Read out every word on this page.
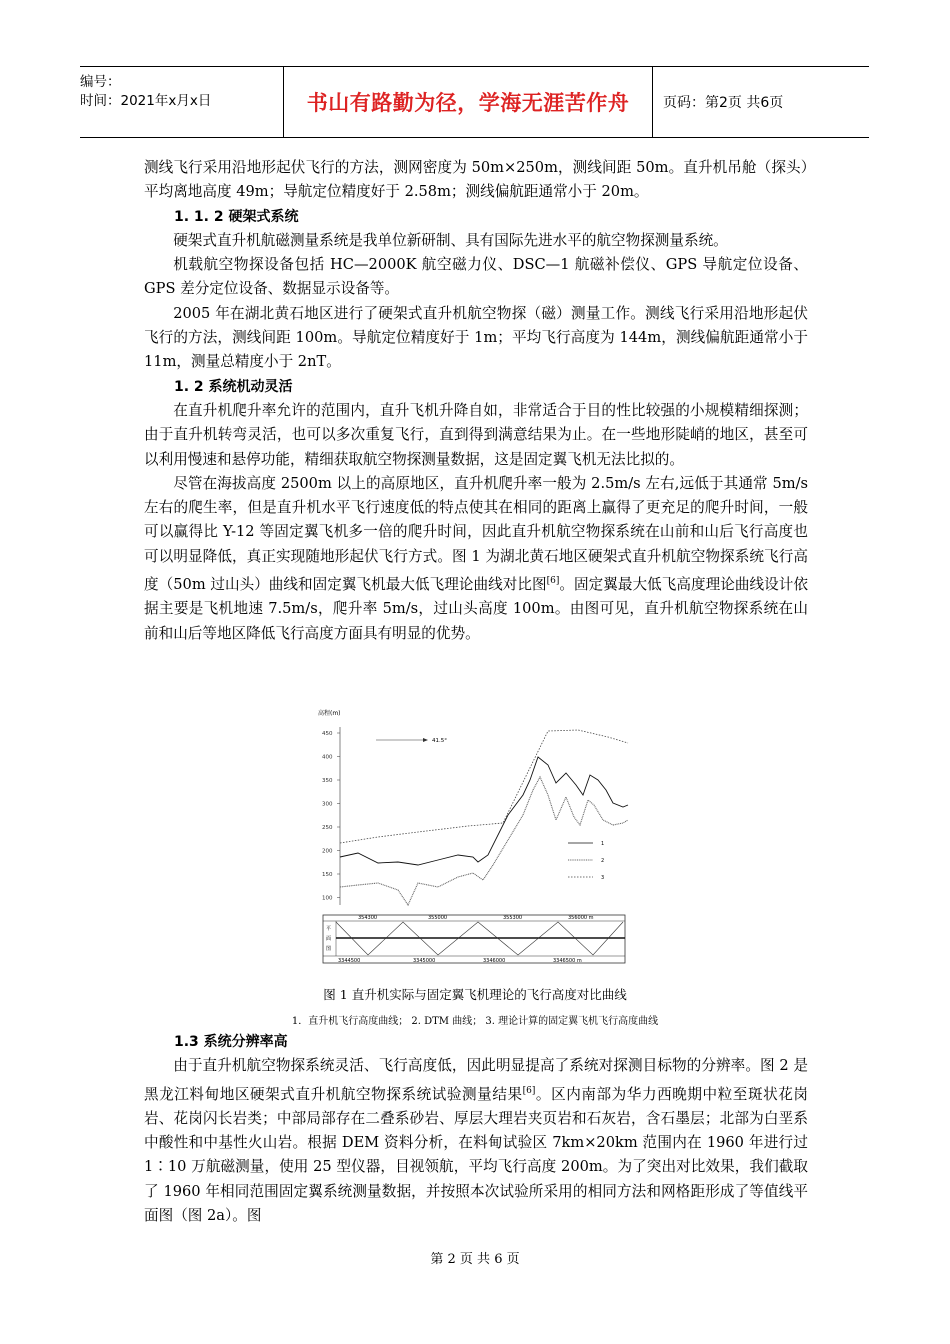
编号：
时间：2021年x月x日	书山有路勤为径，学海无涯苦作舟	页码：第2页 共6页

测线飞行采用沿地形起伏飞行的方法，测网密度为 50m×250m，测线间距 50m。直升机吊舱（探头）平均离地高度 49m；导航定位精度好于 2.58m；测线偏航距通常小于 20m。

1. 1. 2 硬架式系统

硬架式直升机航磁测量系统是我单位新研制、具有国际先进水平的航空物探测量系统。

机载航空物探设备包括 HC—2000K 航空磁力仪、DSC—1 航磁补偿仪、GPS 导航定位设备、GPS 差分定位设备、数据显示设备等。

2005 年在湖北黄石地区进行了硬架式直升机航空物探（磁）测量工作。测线飞行采用沿地形起伏飞行的方法，测线间距 100m。导航定位精度好于 1m；平均飞行高度为 144m，测线偏航距通常小于 11m，测量总精度小于 2nT。

1. 2 系统机动灵活

在直升机爬升率允许的范围内，直升飞机升降自如，非常适合于目的性比较强的小规模精细探测；由于直升机转弯灵活，也可以多次重复飞行，直到得到满意结果为止。在一些地形陡峭的地区，甚至可以利用慢速和悬停功能，精细获取航空物探测量数据，这是固定翼飞机无法比拟的。

尽管在海拔高度 2500m 以上的高原地区，直升机爬升率一般为 2.5m/s 左右,远低于其通常 5m/s 左右的爬生率，但是直升机水平飞行速度低的特点使其在相同的距离上赢得了更充足的爬升时间，一般可以赢得比 Y-12 等固定翼飞机多一倍的爬升时间，因此直升机航空物探系统在山前和山后飞行高度也可以明显降低，真正实现随地形起伏飞行方式。图 1 为湖北黄石地区硬架式直升机航空物探系统飞行高度（50m 过山头）曲线和固定翼飞机最大低飞理论曲线对比图[6]。固定翼最大低飞高度理论曲线设计依据主要是飞机地速 7.5m/s，爬升率 5m/s，过山头高度 100m。由图可见，直升机航空物探系统在山前和山后等地区降低飞行高度方面具有明显的优势。

高程(m)
450
400
350
300
250
200
150
100
41.5°
1
2
3
354300	355000	355300	356000 m
3344500	3345000	3346000	3346500 m
平
面
图
图 1 直升机实际与固定翼飞机理论的飞行高度对比曲线
1．直升机飞行高度曲线； 2. DTM 曲线； 3. 理论计算的固定翼飞机飞行高度曲线

1.3 系统分辨率高

由于直升机航空物探系统灵活、飞行高度低，因此明显提高了系统对探测目标物的分辨率。图 2 是黑龙江料甸地区硬架式直升机航空物探系统试验测量结果[6]。区内南部为华力西晚期中粒至斑状花岗岩、花岗闪长岩类；中部局部存在二叠系砂岩、厚层大理岩夹页岩和石灰岩，含石墨层；北部为白垩系中酸性和中基性火山岩。根据 DEM 资料分析，在料甸试验区 7km×20km 范围内在 1960 年进行过 1∶10 万航磁测量，使用 25 型仪器，目视领航，平均飞行高度 200m。为了突出对比效果，我们截取了 1960 年相同范围固定翼系统测量数据，并按照本次试验所采用的相同方法和网格距形成了等值线平面图（图 2a）。图

第 2 页 共 6 页
